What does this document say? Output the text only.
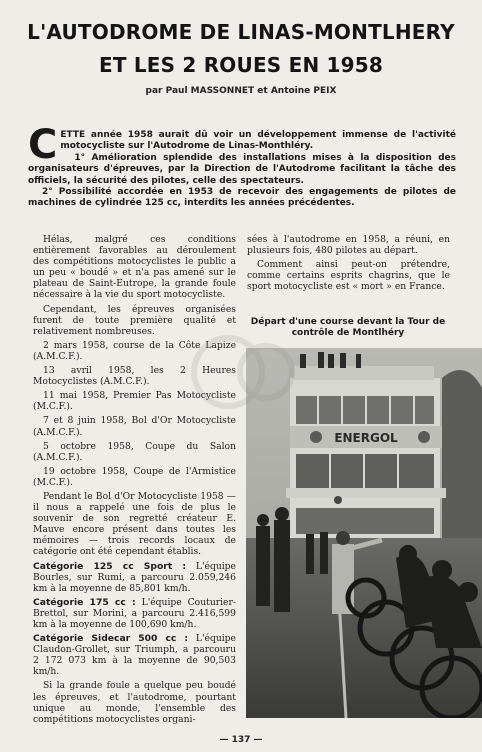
L'AUTODROME DE LINAS-MONTLHERY
ET LES 2 ROUES EN 1958
par Paul MASSONNET et Antoine PEIX
C ETTE année 1958 aurait dû voir un développement immense de l'activité motocycliste sur l'Autodrome de Linas-Monthléry.

1° Amélioration splendide des installations mises à la disposition des organisateurs d'épreuves, par la Direction de l'Autodrome facilitant la tâche des officiels, la sécurité des pilotes, celle des spectateurs.

2° Possibilité accordée en 1953 de recevoir des engagements de pilotes de machines de cylindrée 125 cc, interdits les années précédentes.

Hélas, malgré ces conditions entièrement favorables au déroulement des compétitions motocyclistes le public a un peu « boudé » et n'a pas amené sur le plateau de Saint-Eutrope, la grande foule nécessaire à la vie du sport motocycliste.

Cependant, les épreuves organisées furent de toute première qualité et relativement nombreuses.

2 mars 1958, course de la Côte Lapize (A.M.C.F.).

13 avril 1958, les 2 Heures Motocyclistes (A.M.C.F.).

11 mai 1958, Premier Pas Motocycliste (M.C.F.).

7 et 8 juin 1958, Bol d'Or Motocycliste (A.M.C.F.).

5 octobre 1958, Coupe du Salon (A.M.C.F.).

19 octobre 1958, Coupe de l'Armistice (M.C.F.).

Pendant le Bol d'Or Motocycliste 1958 — il nous a rappelé une fois de plus le souvenir de son regretté créateur E. Mauve encore présent dans toutes les mémoires — trois records locaux de catégorie ont été cependant établis.

Catégorie 125 cc Sport : L'équipe Bourles, sur Rumi, a parcouru 2.059,246 km à la moyenne de 85,801 km/h.

Catégorie 175 cc : L'équipe Couturier-Brettol, sur Morini, a parcouru 2.416,599 km à la moyenne de 100,690 km/h.

Catégorie Sidecar 500 cc : L'équipe Claudon-Grollet, sur Triumph, a parcouru 2 172 073 km à la moyenne de 90,503 km/h.

Si la grande foule a quelque peu boudé les épreuves, et l'autodrome, pourtant unique au monde, l'ensemble des compétitions motocyclistes organi-

sées à l'autodrome en 1958, a réuni, en plusieurs fois, 480 pilotes au départ.

Comment ainsi peut-on prétendre, comme certains esprits chagrins, que le sport motocycliste est « mort » en France.

Départ d'une course devant la Tour de contrôle de Montlhéry
ENERGOL
— 137 —
